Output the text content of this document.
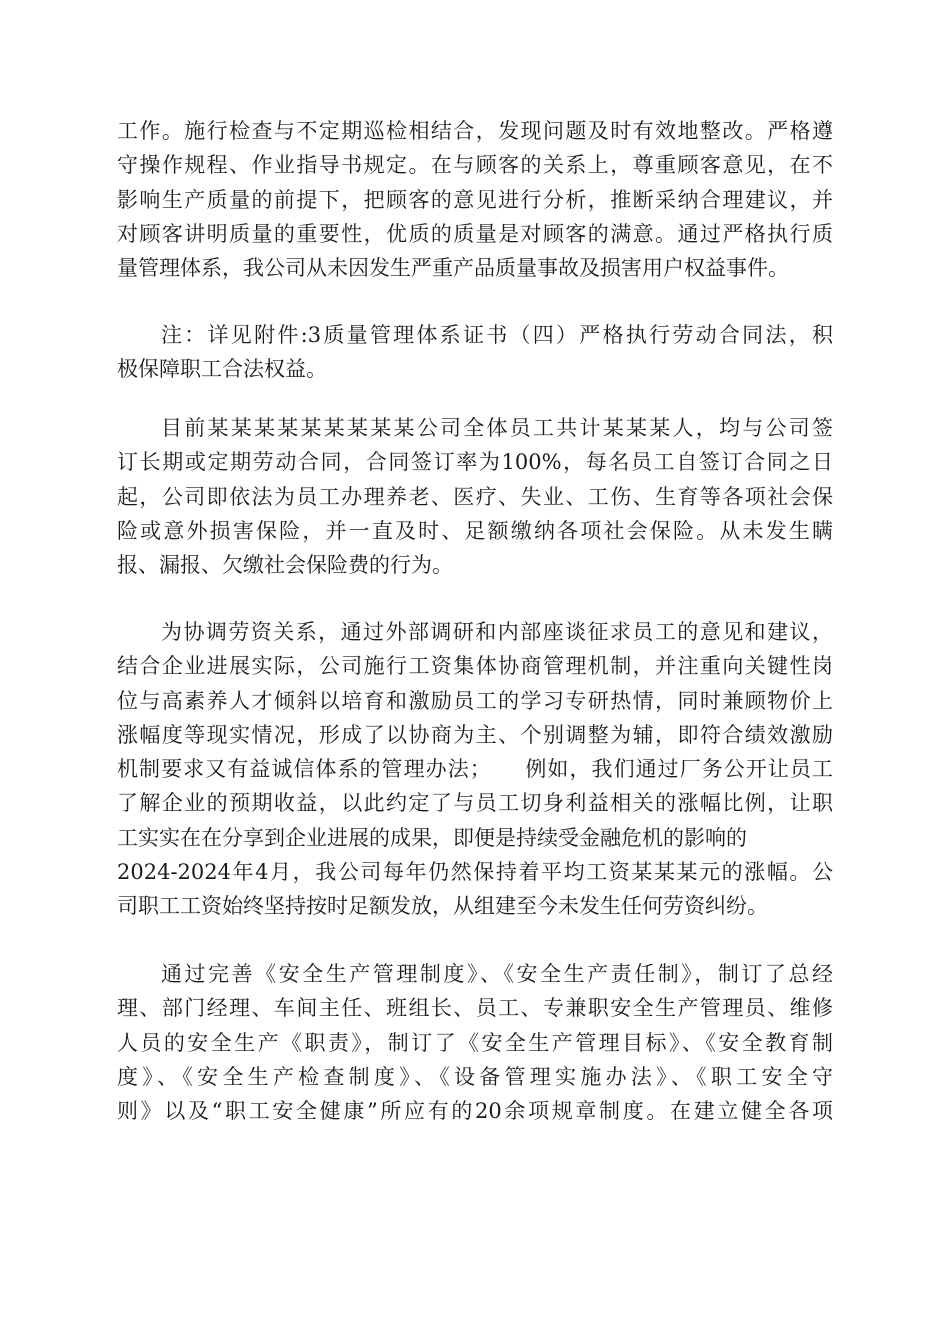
工作。施行检查与不定期巡检相结合，发现问题及时有效地整改。严格遵
守操作规程、作业指导书规定。在与顾客的关系上，尊重顾客意见，在不
影响生产质量的前提下，把顾客的意见进行分析，推断采纳合理建议，并
对顾客讲明质量的重要性，优质的质量是对顾客的满意。通过严格执行质
量管理体系，我公司从未因发生严重产品质量事故及损害用户权益事件。
注：详见附件:3质量管理体系证书（四）严格执行劳动合同法，积
极保障职工合法权益。
目前某某某某某某某某某公司全体员工共计某某某人，均与公司签
订长期或定期劳动合同，合同签订率为100%，每名员工自签订合同之日
起，公司即依法为员工办理养老、医疗、失业、工伤、生育等各项社会保
险或意外损害保险，并一直及时、足额缴纳各项社会保险。从未发生瞒
报、漏报、欠缴社会保险费的行为。
为协调劳资关系，通过外部调研和内部座谈征求员工的意见和建议，
结合企业进展实际，公司施行工资集体协商管理机制，并注重向关键性岗
位与高素养人才倾斜以培育和激励员工的学习专研热情，同时兼顾物价上
涨幅度等现实情况，形成了以协商为主、个别调整为辅，即符合绩效激励
机制要求又有益诚信体系的管理办法；　　例如，我们通过厂务公开让员工
了解企业的预期收益，以此约定了与员工切身利益相关的涨幅比例，让职
工实实在在分享到企业进展的成果，即便是持续受金融危机的影响的
2024-2024年4月，我公司每年仍然保持着平均工资某某某元的涨幅。公
司职工工资始终坚持按时足额发放，从组建至今未发生任何劳资纠纷。
通过完善《安全生产管理制度》、《安全生产责任制》，制订了总经
理、部门经理、车间主任、班组长、员工、专兼职安全生产管理员、维修
人员的安全生产《职责》，制订了《安全生产管理目标》、《安全教育制
度》、《安全生产检查制度》、《设备管理实施办法》、《职工安全守
则》以及“职工安全健康”所应有的20余项规章制度。在建立健全各项
